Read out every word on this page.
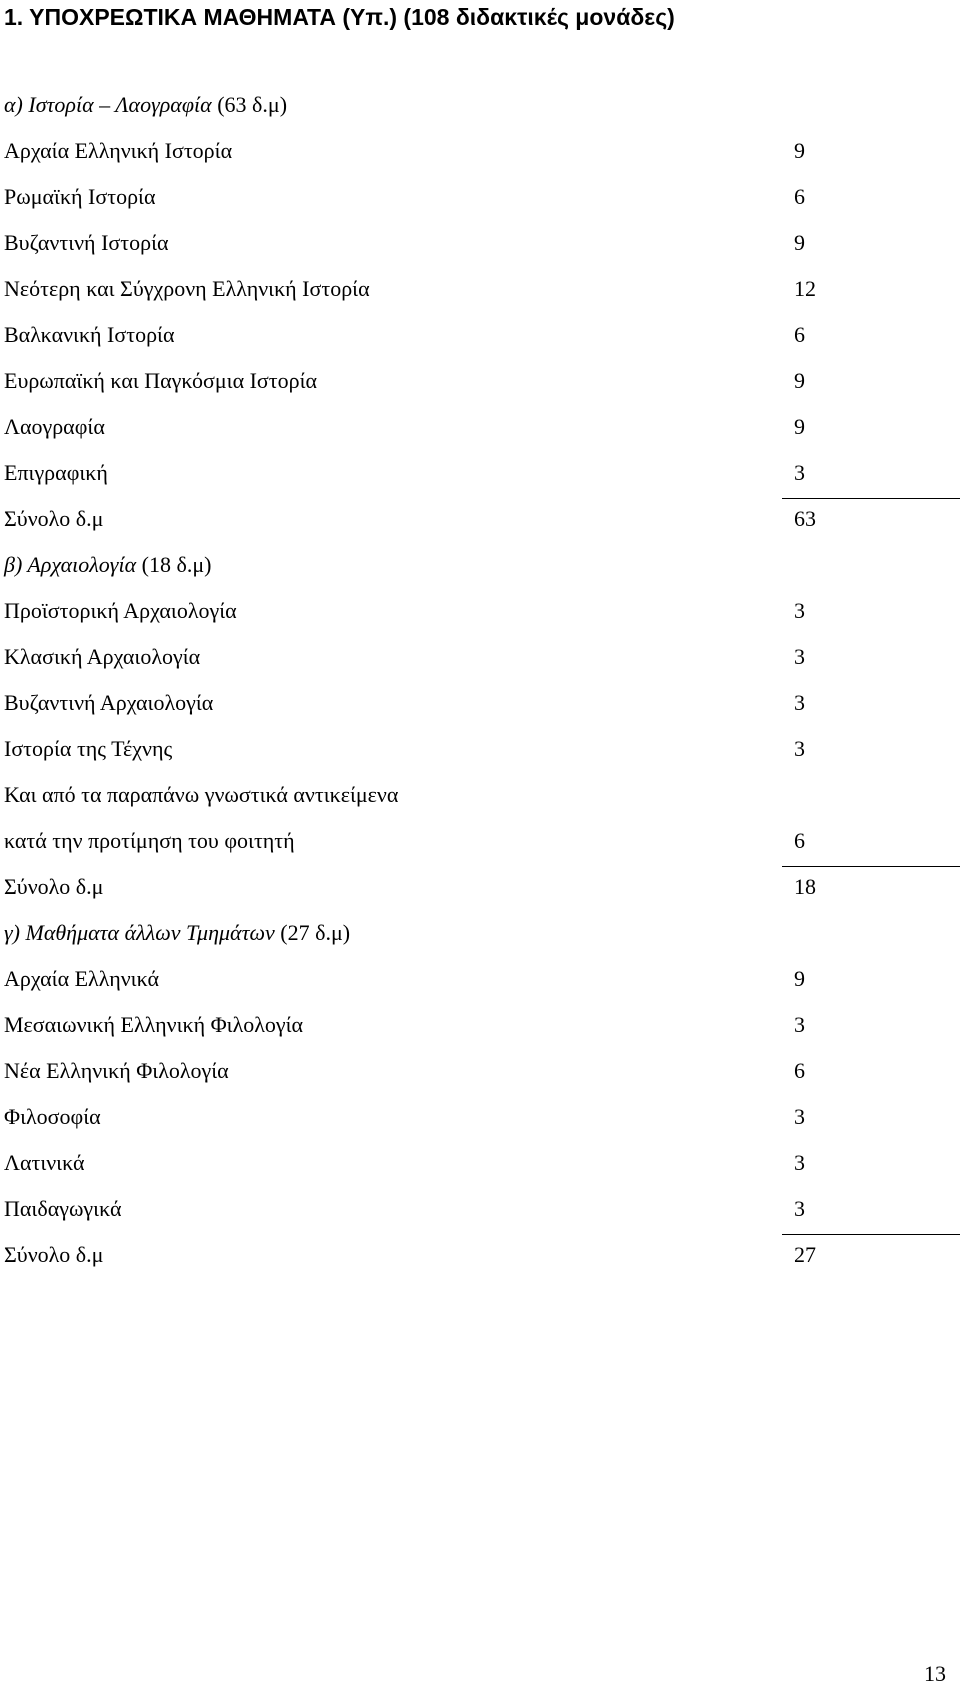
1. ΥΠΟΧΡΕΩΤΙΚΑ ΜΑΘΗΜΑΤΑ (Υπ.) (108 διδακτικές μονάδες)
α) Ιστορία – Λαογραφία (63 δ.μ)
Αρχαία Ελληνική Ιστορία	9
Ρωμαϊκή Ιστορία	6
Βυζαντινή Ιστορία	9
Νεότερη και Σύγχρονη Ελληνική Ιστορία	12
Βαλκανική Ιστορία	6
Ευρωπαϊκή και Παγκόσμια Ιστορία	9
Λαογραφία	9
Επιγραφική	3
Σύνολο δ.μ	63
β) Αρχαιολογία (18 δ.μ)
Προϊστορική Αρχαιολογία	3
Κλασική Αρχαιολογία	3
Βυζαντινή Αρχαιολογία	3
Ιστορία της Τέχνης	3
Και από τα παραπάνω γνωστικά αντικείμενα
κατά την προτίμηση του φοιτητή	6
Σύνολο δ.μ	18
γ) Μαθήματα άλλων Τμημάτων (27 δ.μ)
Αρχαία Ελληνικά	9
Μεσαιωνική Ελληνική Φιλολογία	3
Νέα Ελληνική Φιλολογία	6
Φιλοσοφία	3
Λατινικά	3
Παιδαγωγικά	3
Σύνολο δ.μ	27
13
